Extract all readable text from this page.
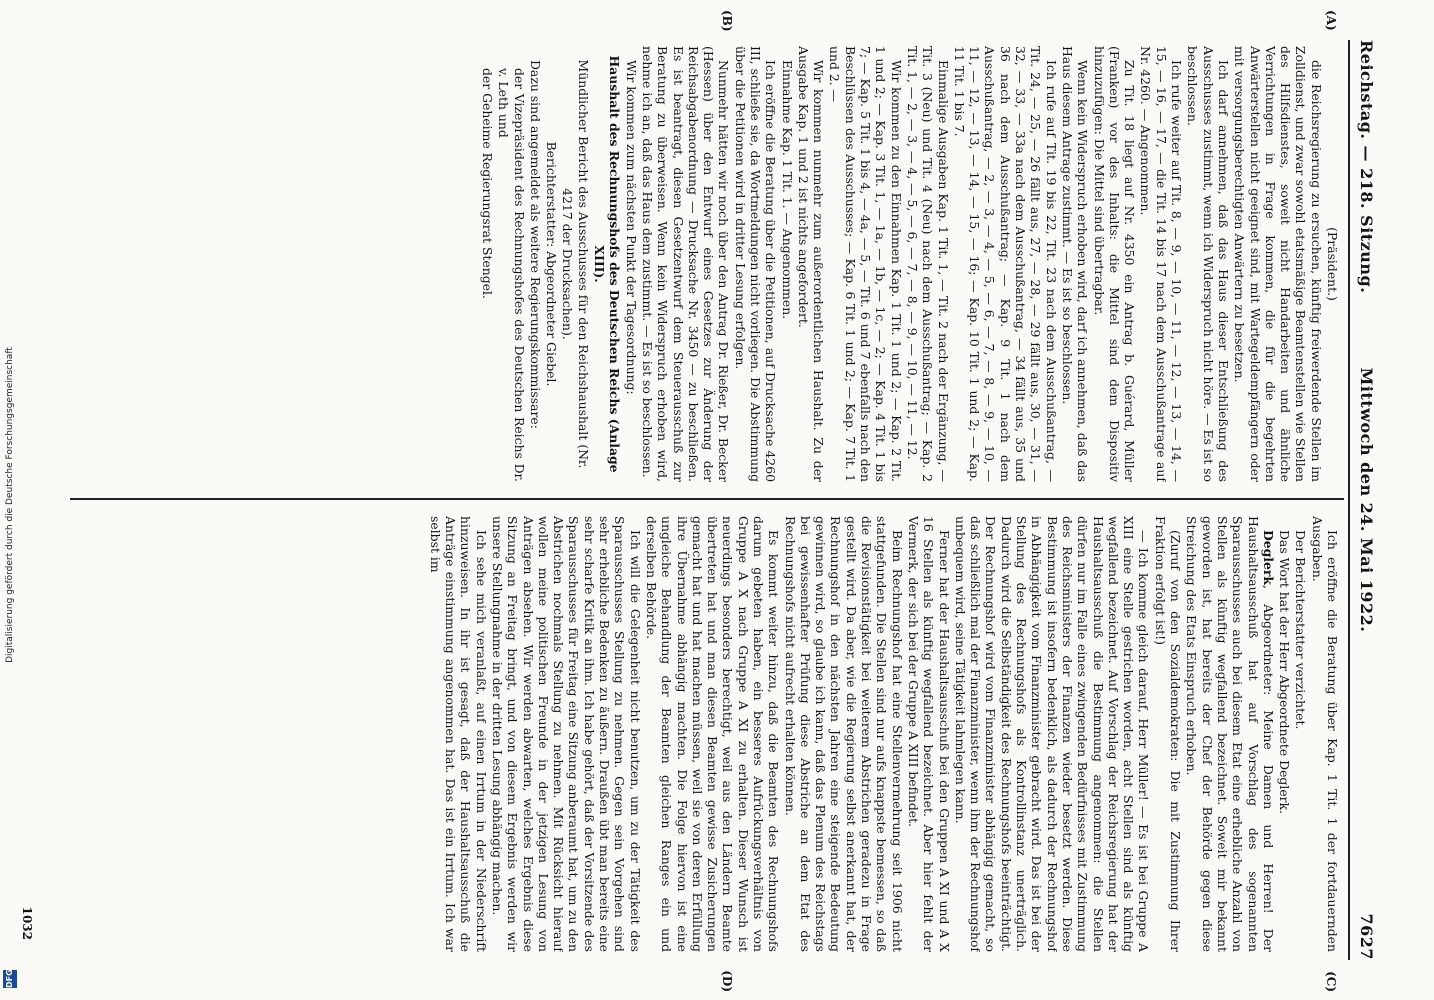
Reichstag. — 218. Sitzung.
Mittwoch den 24. Mai 1922.
7627
(A)
(B)
(C)
(D)

(Präsident.)

die Reichsregierung zu ersuchen, künftig freiwerdende Stellen im Zolldienst, und zwar sowohl etatsmäßige Beamtenstellen wie Stellen des Hilfsdienstes, soweit nicht Handarbeiten und ähnliche Verrichtungen in Frage kommen, die für die begehrten Anwärterstellen nicht geeignet sind, mit Wartegeldempfängern oder mit versorgungsberechtigten Anwärtern zu besetzen.

Ich darf annehmen, daß das Haus dieser Entschließung des Ausschusses zustimmt, wenn ich Widerspruch nicht höre. — Es ist so beschlossen.

Ich rufe weiter auf Tit. 8, — 9, — 10, — 11, — 12, — 13, — 14, — 15, — 16, — 17, — die Tit. 14 bis 17 nach dem Ausschußantrage auf Nr. 4260. — Angenommen.

Zu Tit. 18 liegt auf Nr. 4350 ein Antrag b. Guérard, Müller (Franken) vor des Inhalts: die Mittel sind dem Dispositiv hinzuzufügen: Die Mittel sind übertragbar.

Wenn kein Widerspruch erhoben wird, darf ich annehmen, daß das Haus diesem Antrage zustimmt. — Es ist so beschlossen.

Ich rufe auf Tit. 19 bis 22, Tit. 23 nach dem Ausschußantrag, — Tit. 24, — 25, — 26 fällt aus, 27, — 28, — 29 fällt aus, 30, — 31, — 32, — 33, — 33a nach dem Ausschußantrag, — 34 fällt aus, 35 und 36 nach dem Ausschußantrag; — Kap. 9 Tit. 1 nach dem Ausschußantrag, — 2, — 3, — 4, — 5, — 6, — 7, — 8, — 9, — 10, — 11, — 12, — 13, — 14, — 15, — 16; — Kap. 10 Tit. 1 und 2; — Kap. 11 Tit. 1 bis 7.

Einmalige Ausgaben Kap. 1 Tit. 1, — Tit. 2 nach der Ergänzung, — Tit. 3 (Neu) und Tit. 4 (Neu) nach dem Ausschußantrag; — Kap. 2 Tit. 1, — 2, — 3, — 4, — 5, — 6, — 7, — 8, — 9, — 10, — 11, — 12.

Wir kommen zu den Einnahmen Kap. 1 Tit. 1 und 2; — Kap. 2 Tit. 1 und 2; — Kap. 3 Tit. 1, — 1a, — 1b, — 1c, — 2; — Kap. 4 Tit. 1 bis 7; — Kap. 5 Tit. 1 bis 4, — 4a, — 5, — Tit. 6 und 7 ebenfalls nach den Beschlüssen des Ausschusses; — Kap. 6 Tit. 1 und 2; — Kap. 7 Tit. 1 und 2. —

Wir kommen nunmehr zum außerordentlichen Haushalt. Zu der Ausgabe Kap. 1 und 2 ist nichts angefordert.

Einnahme Kap. 1 Tit. 1. — Angenommen.

Ich eröffne die Beratung über die Petitionen, auf Drucksache 4260 III, schließe sie, da Wortmeldungen nicht vorliegen. Die Abstimmung über die Petitionen wird in dritter Lesung erfolgen.

Nunmehr hätten wir noch über den Antrag Dr. Rießer, Dr. Becker (Hessen) über den Entwurf eines Gesetzes zur Änderung der Reichsabgabenordnung — Drucksache Nr. 3450 — zu beschließen. Es ist beantragt, diesen Gesetzentwurf dem Steuerausschuß zur Beratung zu überweisen. Wenn kein Widerspruch erhoben wird, nehme ich an, daß das Haus dem zustimmt. — Es ist so beschlossen.

Wir kommen zum nächsten Punkt der Tagesordnung:

Haushalt des Rechnungshofs des Deutschen Reichs (Anlage XIII).

Mündlicher Bericht des Ausschusses für den Reichshaushalt (Nr. 4217 der Drucksachen).

Berichterstatter: Abgeordneter Giebel.

Dazu sind angemeldet als weitere Regierungskommissare:

der Vizepräsident des Rechnungshofes des Deutschen Reichs Dr. v. Leth und

der Geheime Regierungsrat Stengel.

Ich eröffne die Beratung über Kap. 1 Tit. 1 der fortdauernden Ausgaben.

Der Berichterstatter verzichtet.

Das Wort hat der Herr Abgeordnete Deglerk.

Deglerk, Abgeordneter: Meine Damen und Herren! Der Haushaltsausschuß hat auf Vorschlag des sogenannten Sparausschusses auch bei diesem Etat eine erhebliche Anzahl von Stellen als künftig wegfallend bezeichnet. Soweit mir bekannt geworden ist, hat bereits der Chef der Behörde gegen diese Streichung des Etats Einspruch erhoben.

(Zuruf von den Sozialdemokraten: Die mit Zustimmung Ihrer Fraktion erfolgt ist!)

— Ich komme gleich darauf, Herr Müller! — Es ist bei Gruppe A XIII eine Stelle gestrichen worden, acht Stellen sind als künftig wegfallend bezeichnet. Auf Vorschlag der Reichsregierung hat der Haushaltsausschuß die Bestimmung angenommen: die Stellen dürfen nur im Falle eines zwingenden Bedürfnisses mit Zustimmung des Reichsministers der Finanzen wieder besetzt werden. Diese Bestimmung ist insofern bedenklich, als dadurch der Rechnungshof in Abhängigkeit vom Finanzminister gebracht wird. Das ist bei der Stellung des Rechnungshofs als Kontrollinstanz unerträglich. Dadurch wird die Selbständigkeit des Rechnungshofs beeinträchtigt. Der Rechnungshof wird vom Finanzminister abhängig gemacht, so daß schließlich mal der Finanzminister, wenn ihm der Rechnungshof unbequem wird, seine Tätigkeit lahmlegen kann.

Ferner hat der Haushaltsausschuß bei den Gruppen A XI und A X 16 Stellen als künftig wegfallend bezeichnet. Aber hier fehlt der Vermerk, der sich bei der Gruppe A XIII befindet.

Beim Rechnungshof hat eine Stellenvermehrung seit 1906 nicht stattgefunden. Die Stellen sind nur aufs knappste bemessen, so daß die Revisionstätigkeit bei weiterem Abstrichen geradezu in Frage gestellt wird. Da aber, wie die Regierung selbst anerkannt hat, der Rechnungshof in den nächsten Jahren eine steigende Bedeutung gewinnen wird, so glaube ich kann, daß das Plenum des Reichstags bei gewissenhafter Prüfung diese Abstriche an dem Etat des Rechnungshofs nicht aufrecht erhalten können.

Es kommt weiter hinzu, daß die Beamten des Rechnungshofs darum gebeten haben, ein besseres Aufrückungsverhältnis von Gruppe A X nach Gruppe A XI zu erhalten. Dieser Wunsch ist neuerdings besonders berechtigt, weil aus den Ländern Beamte übertreten hat und man diesen Beamten gewisse Zusicherungen gemacht hat und hat machen müssen, weil sie von deren Erfüllung ihre Übernahme abhängig machten. Die Folge hiervon ist eine ungleiche Behandlung der Beamten gleichen Ranges ein und derselben Behörde.

Ich will die Gelegenheit nicht benutzen, um zu der Tätigkeit des Sparausschusses Stellung zu nehmen. Gegen sein Vorgehen sind sehr erhebliche Bedenken zu äußern. Draußen übt man bereits eine sehr scharfe Kritik an ihm. Ich habe gehört, daß der Vorsitzende des Sparausschusses für Freitag eine Sitzung anberaumt hat, um zu den Abstrichen nochmals Stellung zu nehmen. Mit Rücksicht hierauf wollen meine politischen Freunde in der jetzigen Lesung von Anträgen absehen. Wir werden abwarten, welches Ergebnis diese Sitzung an Freitag bringt, und von diesem Ergebnis werden wir unsere Stellungnahme in der dritten Lesung abhängig machen.

Ich sehe mich veranlaßt, auf einen Irrtum in der Niederschrift hinzuweisen. In ihr ist gesagt, daß der Haushaltsausschuß die Anträge einstimmung angenommen hat. Das ist ein Irrtum. Ich war selbst im

1032
Digitalisierung gefördert durch die Deutsche Forschungsgemeinschaft
DFG
